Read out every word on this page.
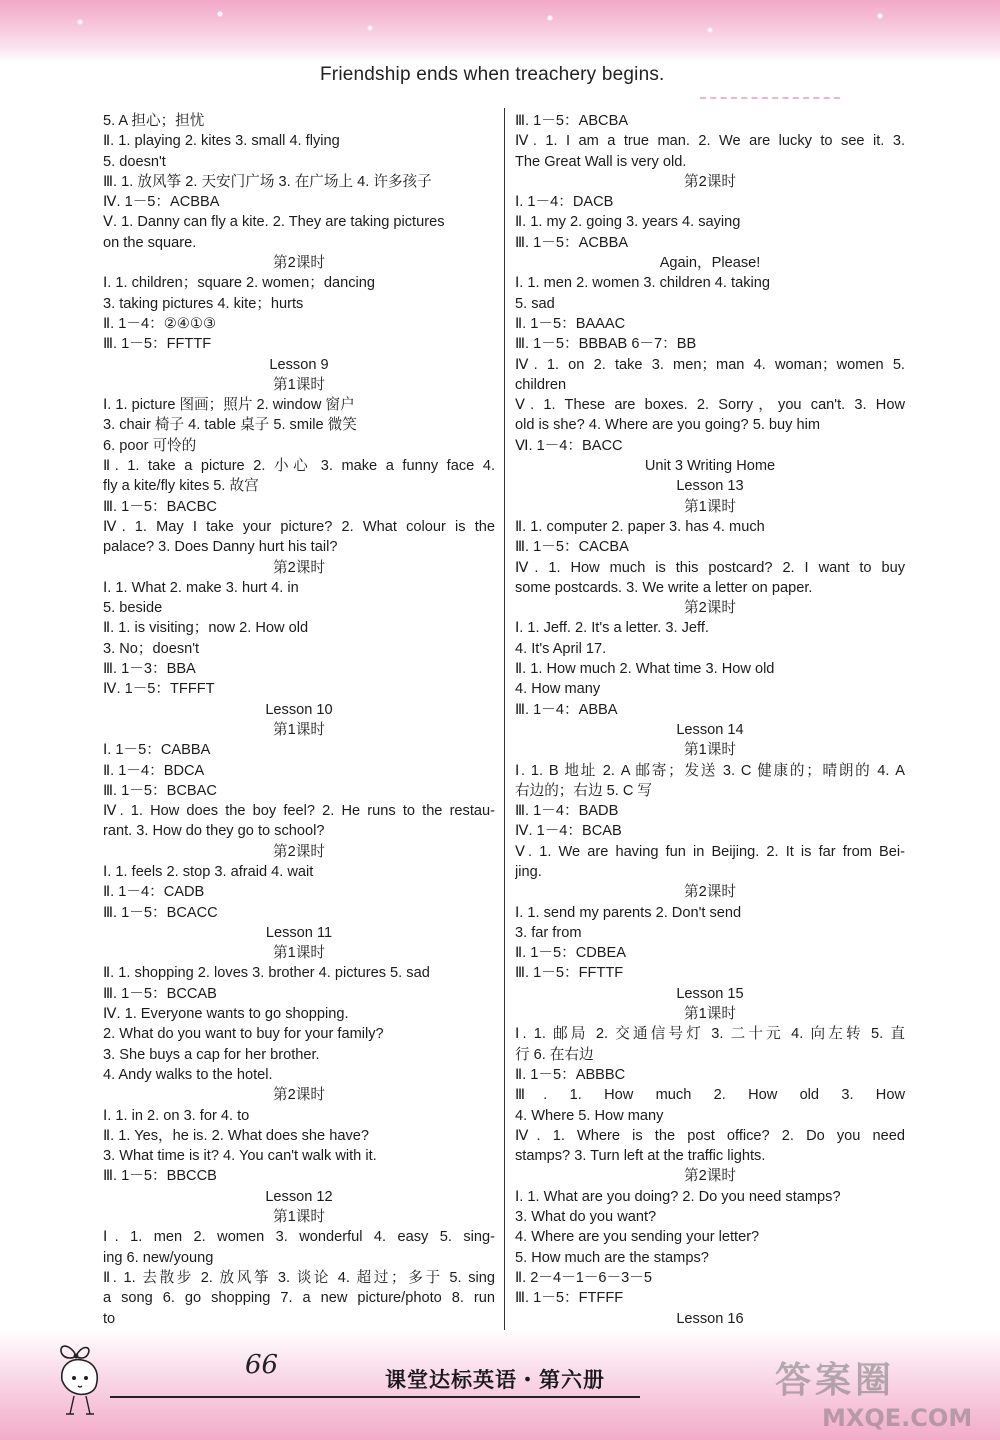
Friendship ends when treachery begins.
5. A 担心；担忧
Ⅱ. 1. playing 2. kites 3. small 4. flying
5. doesn't
Ⅲ. 1. 放风筝 2. 天安门广场 3. 在广场上 4. 许多孩子
Ⅳ. 1－5：ACBBA
Ⅴ. 1. Danny can fly a kite. 2. They are taking pictures
on the square.
第2课时
Ⅰ. 1. children；square 2. women；dancing
3. taking pictures 4. kite；hurts
Ⅱ. 1－4：②④①③
Ⅲ. 1－5：FFTTF
Lesson 9
第1课时
Ⅰ. 1. picture 图画；照片 2. window 窗户
3. chair 椅子 4. table 桌子 5. smile 微笑
6. poor 可怜的
Ⅱ. 1. take a picture 2. 小心 3. make a funny face 4.
fly a kite/fly kites 5. 故宫
Ⅲ. 1－5：BACBC
Ⅳ. 1. May I take your picture? 2. What colour is the
palace? 3. Does Danny hurt his tail?
第2课时
Ⅰ. 1. What 2. make 3. hurt 4. in
5. beside
Ⅱ. 1. is visiting；now 2. How old
3. No；doesn't
Ⅲ. 1－3：BBA
Ⅳ. 1－5：TFFFT
Lesson 10
第1课时
Ⅰ. 1－5：CABBA
Ⅱ. 1－4：BDCA
Ⅲ. 1－5：BCBAC
Ⅳ. 1. How does the boy feel? 2. He runs to the restau-
rant. 3. How do they go to school?
第2课时
Ⅰ. 1. feels 2. stop 3. afraid 4. wait
Ⅱ. 1－4：CADB
Ⅲ. 1－5：BCACC
Lesson 11
第1课时
Ⅱ. 1. shopping 2. loves 3. brother 4. pictures 5. sad
Ⅲ. 1－5：BCCAB
Ⅳ. 1. Everyone wants to go shopping.
2. What do you want to buy for your family?
3. She buys a cap for her brother.
4. Andy walks to the hotel.
第2课时
Ⅰ. 1. in 2. on 3. for 4. to
Ⅱ. 1. Yes，he is. 2. What does she have?
3. What time is it? 4. You can't walk with it.
Ⅲ. 1－5：BBCCB
Lesson 12
第1课时
Ⅰ. 1. men 2. women 3. wonderful 4. easy 5. sing-
ing 6. new/young
Ⅱ. 1. 去散步 2. 放风筝 3. 谈论 4. 超过；多于 5. sing
a song 6. go shopping 7. a new picture/photo 8. run
to
Ⅲ. 1－5：ABCBA
Ⅳ. 1. I am a true man. 2. We are lucky to see it. 3.
The Great Wall is very old.
第2课时
Ⅰ. 1－4：DACB
Ⅱ. 1. my 2. going 3. years 4. saying
Ⅲ. 1－5：ACBBA
Again，Please!
Ⅰ. 1. men 2. women 3. children 4. taking
5. sad
Ⅱ. 1－5：BAAAC
Ⅲ. 1－5：BBBAB 6－7：BB
Ⅳ. 1. on 2. take 3. men；man 4. woman；women 5.
children
Ⅴ. 1. These are boxes. 2. Sorry，you can't. 3. How
old is she? 4. Where are you going? 5. buy him
Ⅵ. 1－4：BACC
Unit 3 Writing Home
Lesson 13
第1课时
Ⅱ. 1. computer 2. paper 3. has 4. much
Ⅲ. 1－5：CACBA
Ⅳ. 1. How much is this postcard? 2. I want to buy
some postcards. 3. We write a letter on paper.
第2课时
Ⅰ. 1. Jeff. 2. It's a letter. 3. Jeff.
4. It's April 17.
Ⅱ. 1. How much 2. What time 3. How old
4. How many
Ⅲ. 1－4：ABBA
Lesson 14
第1课时
Ⅰ. 1. B 地址 2. A 邮寄；发送 3. C 健康的；晴朗的 4. A
右边的；右边 5. C 写
Ⅲ. 1－4：BADB
Ⅳ. 1－4：BCAB
Ⅴ. 1. We are having fun in Beijing. 2. It is far from Bei-
jing.
第2课时
Ⅰ. 1. send my parents 2. Don't send
3. far from
Ⅱ. 1－5：CDBEA
Ⅲ. 1－5：FFTTF
Lesson 15
第1课时
Ⅰ. 1. 邮局 2. 交通信号灯 3. 二十元 4. 向左转 5. 直
行 6. 在右边
Ⅱ. 1－5：ABBBC
Ⅲ. 1. How much 2. How old 3. How
4. Where 5. How many
Ⅳ. 1. Where is the post office? 2. Do you need
stamps? 3. Turn left at the traffic lights.
第2课时
Ⅰ. 1. What are you doing? 2. Do you need stamps?
3. What do you want?
4. Where are you sending your letter?
5. How much are the stamps?
Ⅱ. 2－4－1－6－3－5
Ⅲ. 1－5：FTFFF
Lesson 16
66	课堂达标英语・第六册	答案圈
MXQE.COM
